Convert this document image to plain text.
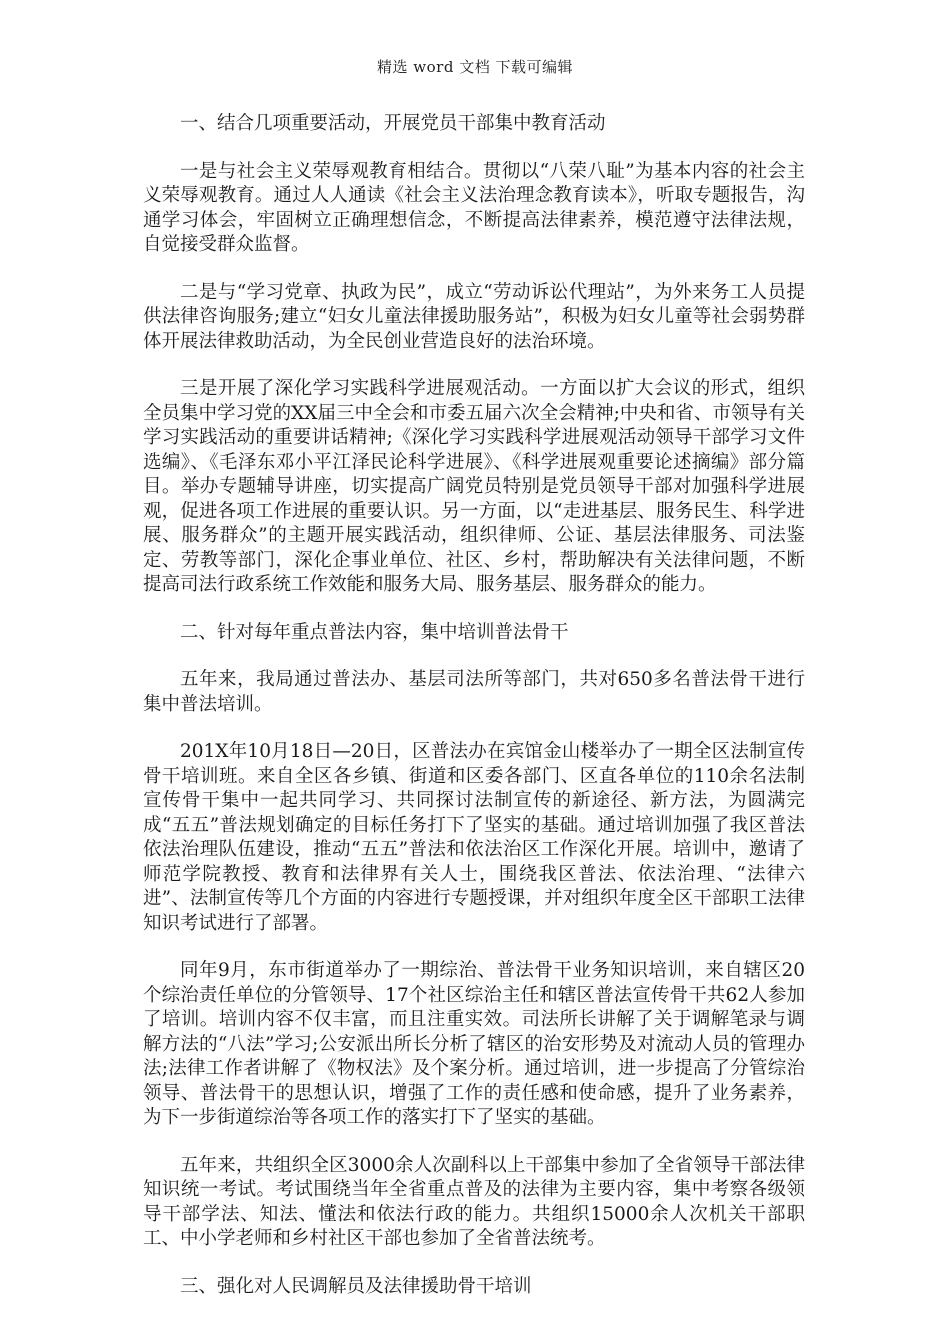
精选 word 文档 下载可编辑

一、结合几项重要活动，开展党员干部集中教育活动

一是与社会主义荣辱观教育相结合。贯彻以“八荣八耻”为基本内容的社会主义荣辱观教育。通过人人通读《社会主义法治理念教育读本》，听取专题报告，沟通学习体会，牢固树立正确理想信念，不断提高法律素养，模范遵守法律法规，自觉接受群众监督。

二是与“学习党章、执政为民”，成立“劳动诉讼代理站”，为外来务工人员提供法律咨询服务;建立“妇女儿童法律援助服务站”，积极为妇女儿童等社会弱势群体开展法律救助活动，为全民创业营造良好的法治环境。

三是开展了深化学习实践科学进展观活动。一方面以扩大会议的形式，组织全员集中学习党的XX届三中全会和市委五届六次全会精神;中央和省、市领导有关学习实践活动的重要讲话精神;《深化学习实践科学进展观活动领导干部学习文件选编》、《毛泽东邓小平江泽民论科学进展》、《科学进展观重要论述摘编》部分篇目。举办专题辅导讲座，切实提高广阔党员特别是党员领导干部对加强科学进展观，促进各项工作进展的重要认识。另一方面，以“走进基层、服务民生、科学进展、服务群众”的主题开展实践活动，组织律师、公证、基层法律服务、司法鉴定、劳教等部门，深化企事业单位、社区、乡村，帮助解决有关法律问题，不断提高司法行政系统工作效能和服务大局、服务基层、服务群众的能力。

二、针对每年重点普法内容，集中培训普法骨干

五年来，我局通过普法办、基层司法所等部门，共对650多名普法骨干进行集中普法培训。

201X年10月18日—20日，区普法办在宾馆金山楼举办了一期全区法制宣传骨干培训班。来自全区各乡镇、街道和区委各部门、区直各单位的110余名法制宣传骨干集中一起共同学习、共同探讨法制宣传的新途径、新方法，为圆满完成“五五”普法规划确定的目标任务打下了坚实的基础。通过培训加强了我区普法依法治理队伍建设，推动“五五”普法和依法治区工作深化开展。培训中，邀请了师范学院教授、教育和法律界有关人士，围绕我区普法、依法治理、“法律六进”、法制宣传等几个方面的内容进行专题授课，并对组织年度全区干部职工法律知识考试进行了部署。

同年9月，东市街道举办了一期综治、普法骨干业务知识培训，来自辖区20个综治责任单位的分管领导、17个社区综治主任和辖区普法宣传骨干共62人参加了培训。培训内容不仅丰富，而且注重实效。司法所长讲解了关于调解笔录与调解方法的“八法”学习;公安派出所长分析了辖区的治安形势及对流动人员的管理办法;法律工作者讲解了《物权法》及个案分析。通过培训，进一步提高了分管综治领导、普法骨干的思想认识，增强了工作的责任感和使命感，提升了业务素养，为下一步街道综治等各项工作的落实打下了坚实的基础。

五年来，共组织全区3000余人次副科以上干部集中参加了全省领导干部法律知识统一考试。考试围绕当年全省重点普及的法律为主要内容，集中考察各级领导干部学法、知法、懂法和依法行政的能力。共组织15000余人次机关干部职工、中小学老师和乡村社区干部也参加了全省普法统考。

三、强化对人民调解员及法律援助骨干培训
